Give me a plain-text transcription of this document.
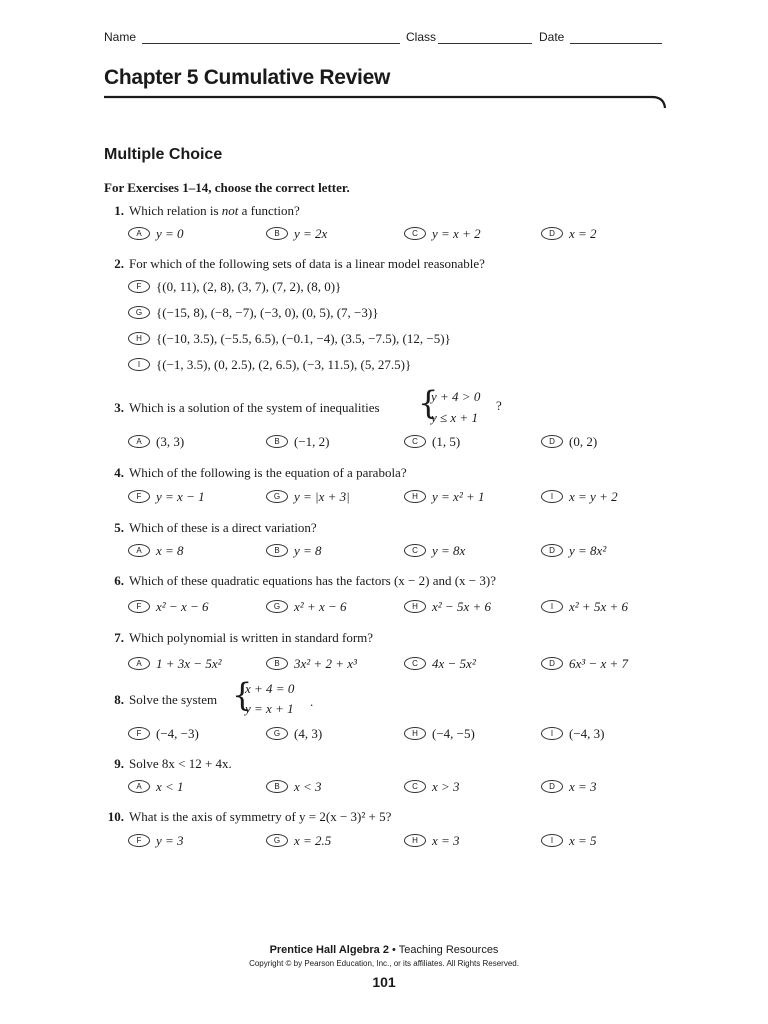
Name	Class	Date
Chapter 5 Cumulative Review
Multiple Choice
For Exercises 1–14, choose the correct letter.
1. Which relation is not a function?
A y = 0	B y = 2x	C y = x + 2	D x = 2
2. For which of the following sets of data is a linear model reasonable?
F {(0, 11), (2, 8), (3, 7), (7, 2), (8, 0)}
G {(−15, 8), (−8, −7), (−3, 0), (0, 5), (7, −3)}
H {(−10, 3.5), (−5.5, 6.5), (−0.1, −4), (3.5, −7.5), (12, −5)}
I {(−1, 3.5), (0, 2.5), (2, 6.5), (−3, 11.5), (5, 27.5)}
3. Which is a solution of the system of inequalities {
y + 4 > 0
y ≤ x + 1
?
A (3, 3)	B (−1, 2)	C (1, 5)	D (0, 2)
4. Which of the following is the equation of a parabola?
F y = x − 1	G y = |x + 3|	H y = x² + 1	I x = y + 2
5. Which of these is a direct variation?
A x = 8	B y = 8	C y = 8x	D y = 8x²
6. Which of these quadratic equations has the factors (x − 2) and (x − 3)?
F x² − x − 6	G x² + x − 6	H x² − 5x + 6	I x² + 5x + 6
7. Which polynomial is written in standard form?
A 1 + 3x − 5x²	B 3x² + 2 + x³	C 4x − 5x²	D 6x³ − x + 7
8. Solve the system {
x + 4 = 0
y = x + 1 .
F (−4, −3)	G (4, 3)	H (−4, −5)	I (−4, 3)
9. Solve 8x < 12 + 4x.
A x < 1	B x < 3	C x > 3	D x = 3
10. What is the axis of symmetry of y = 2(x − 3)² + 5?
F y = 3	G x = 2.5	H x = 3	I x = 5
Prentice Hall Algebra 2 • Teaching Resources
Copyright © by Pearson Education, Inc., or its affiliates. All Rights Reserved.
101
